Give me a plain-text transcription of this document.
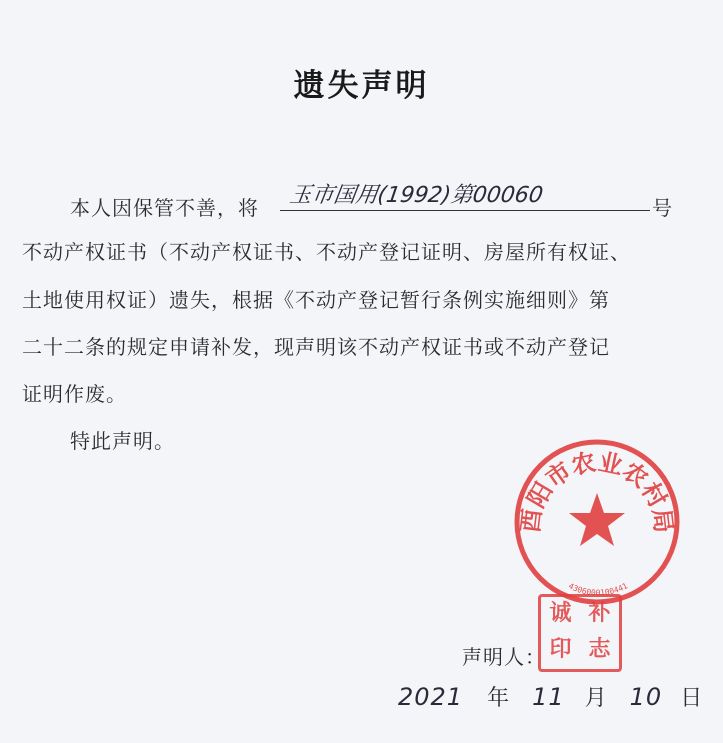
遗失声明
本人因保管不善，将
玉市国用(1992)第00060
号
不动产权证书（不动产权证书、不动产登记证明、房屋所有权证、
土地使用权证）遗失，根据《不动产登记暂行条例实施细则》第
二十二条的规定申请补发，现声明该不动产权证书或不动产登记
证明作废。
特此声明。
酉阳市农业农村局
4306000100441
声明人：
诚 补
印 志
2021 年 11 月 10 日
